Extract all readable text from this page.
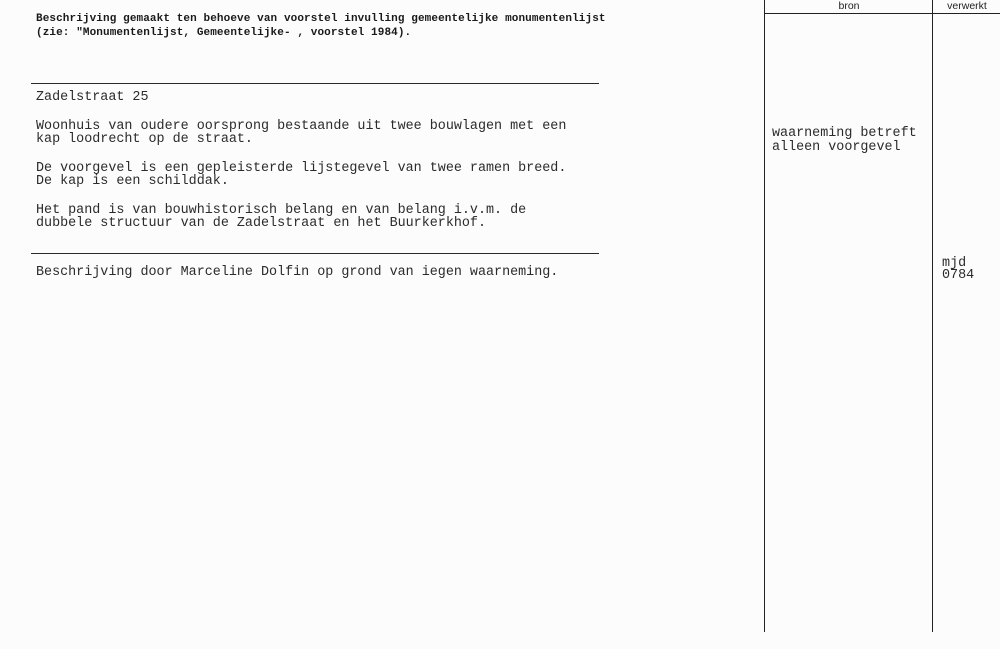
Beschrijving gemaakt ten behoeve van voorstel invulling gemeentelijke monumentenlijst
(zie: "Monumentenlijst, Gemeentelijke- , voorstel 1984).
Zadelstraat 25
Woonhuis van oudere oorsprong bestaande uit twee bouwlagen met een
kap loodrecht op de straat.
De voorgevel is een gepleisterde lijstegevel van twee ramen breed.
De kap is een schilddak.
Het pand is van bouwhistorisch belang en van belang i.v.m. de
dubbele structuur van de Zadelstraat en het Buurkerkhof.
Beschrijving door Marceline Dolfin op grond van iegen waarneming.
bron	verwerkt
waarneming betreft
alleen voorgevel
mjd
0784
